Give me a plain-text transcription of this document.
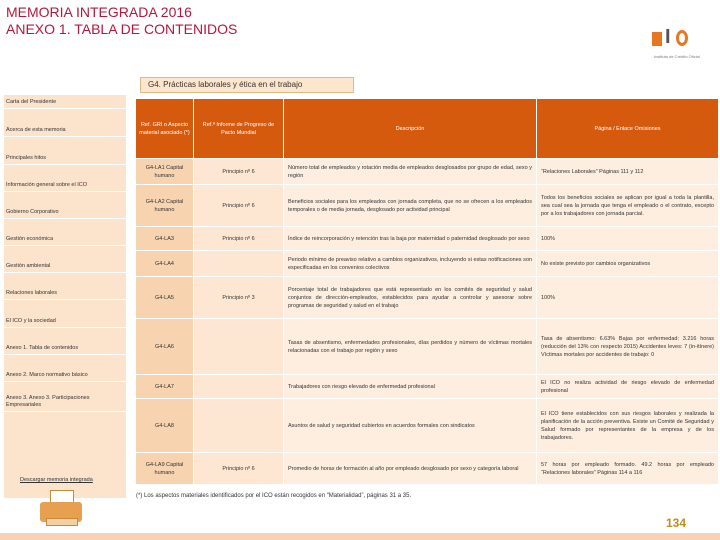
MEMORIA INTEGRADA 2016
ANEXO 1. TABLA DE CONTENIDOS	I
Instituto de Crédito Oficial
G4. Prácticas laborales y ética en el trabajo
Carta del Presidente
Acerca de esta memoria
Principales hitos
Información general sobre el ICO
Gobierno Corporativo
Gestión económica
Gestión ambiental
Relaciones laborales
El ICO y la sociedad
Anexo 1. Tabla de contenidos
Anexo 2. Marco normativo básico
Anexo 3. Anexo 3. Participaciones Empresariales
Descargar memoria integrada
Ref. GRI o Aspecto material asociado (*)	Ref.ª Informe de Progreso de Pacto Mundial	Descripción	Página / Enlace Omisiones
G4-LA1 Capital humano	Principio nº 6	Número total de empleados y rotación media de empleados desglosados por grupo de edad, sexo y región	“Relaciones Laborales” Páginas 111 y 112
G4-LA2 Capital humano	Principio nº 6	Beneficios sociales para los empleados con jornada completa, que no se ofrecen a los empleados temporales o de media jornada, desglosado por actividad principal	Todos los beneficios sociales se aplican por igual a toda la plantilla, sea cual sea la jornada que tenga el empleado o el contrato, excepto por a los trabajadores con jornada parcial.
G4-LA3	Principio nº 6	Índice de reincorporación y retención tras la baja por maternidad o paternidad desglosado por sexo	100%
G4-LA4		Periodo mínimo de preaviso relativo a cambios organizativos, incluyendo si estas notificaciones son especificadas en los convenios colectivos	No existe previsto por cambios organizativos
G4-LA5	Principio nº 3	Porcentaje total de trabajadores que está representado en los comités de seguridad y salud conjuntos de dirección-empleados, establecidos para ayudar a controlar y asesorar sobre programas de seguridad y salud en el trabajo	100%
G4-LA6		Tasas de absentismo, enfermedades profesionales, días perdidos y número de víctimas mortales relacionadas con el trabajo por región y sexo	Tasa de absentismo: 6.63% Bajas por enfermedad: 3.216 horas (reducción del 13% con respecto 2015) Accidentes leves: 7 (in-itínere) Víctimas mortales por accidentes de trabajo: 0
G4-LA7		Trabajadores con riesgo elevado de enfermedad profesional	El ICO no realiza actividad de riesgo elevado de enfermedad profesional
G4-LA8		Asuntos de salud y seguridad cubiertos en acuerdos formales con sindicatos	El ICO tiene establecidos con sus riesgos laborales y realizada la planificación de la acción preventiva. Existe un Comité de Seguridad y Salud formado por representantes de la empresa y de los trabajadores.
G4-LA9 Capital humano	Principio nº 6	Promedio de horas de formación al año por empleado desglosado por sexo y categoría laboral	57 horas por empleado formado. 49.2 horas por empleado “Relaciones laborales” Páginas 114 a 116
(*) Los aspectos materiales identificados por el ICO están recogidos en “Materialidad”, páginas 31 a 35.
134
